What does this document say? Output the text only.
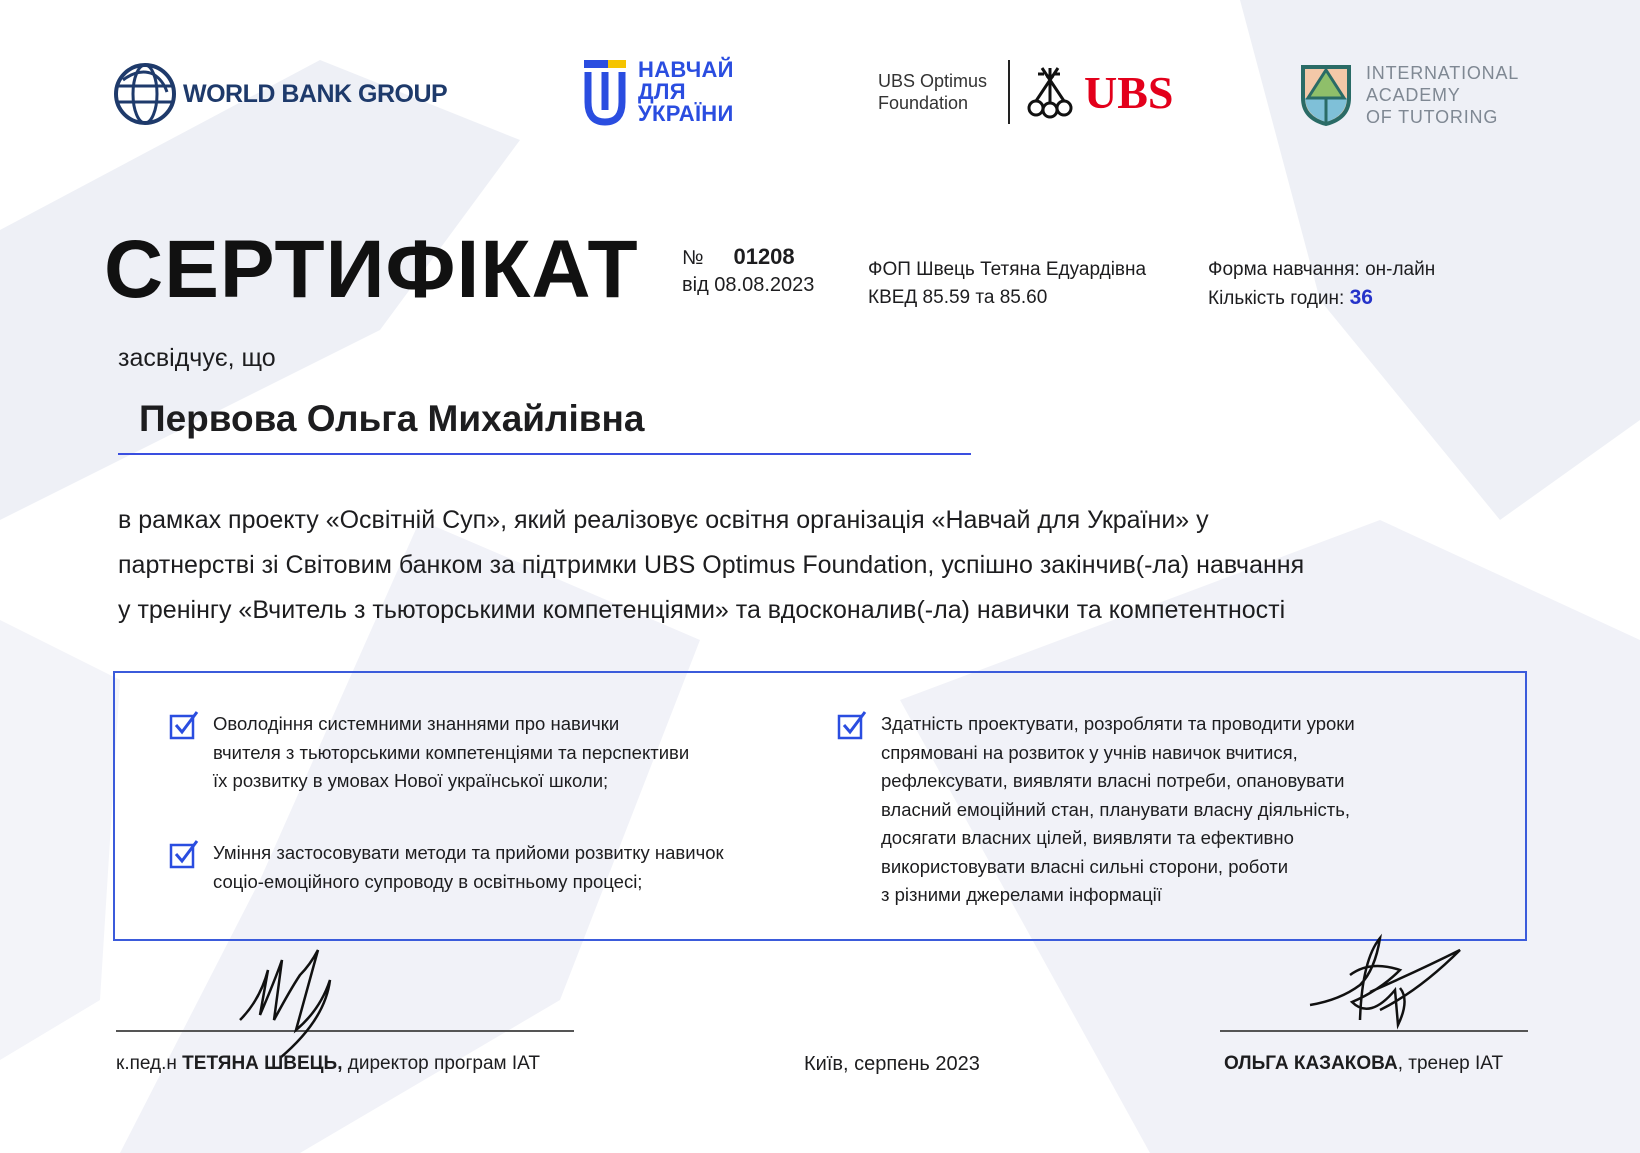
WORLD BANK GROUP
НАВЧАЙ
ДЛЯ
УКРАЇНИ
UBS Optimus
Foundation	UBS	INTERNATIONAL
ACADEMY
OF TUTORING
СЕРТИФІКАТ № 01208
від 08.08.2023
ФОП Швець Тетяна Едуардівна
КВЕД 85.59 та 85.60
Форма навчання: он-лайн
Кількість годин: 36
засвідчує, що
Первова Ольга Михайлівна
в рамках проекту «Освітній Суп», який реалізовує освітня організація «Навчай для України» у
партнерстві зі Світовим банком за підтримки UBS Optimus Foundation, успішно закінчив(-ла) навчання
у тренінгу «Вчитель з тьюторськими компетенціями» та вдосконалив(-ла) навички та компетентності
Оволодіння системними знаннями про навички
вчителя з тьюторськими компетенціями та перспективи
їх розвитку в умовах Нової української школи;
Уміння застосовувати методи та прийоми розвитку навичок
соціо-емоційного супроводу в освітньому процесі;
Здатність проектувати, розробляти та проводити уроки
спрямовані на розвиток у учнів навичок вчитися,
рефлексувати, виявляти власні потреби, опановувати
власний емоційний стан, планувати власну діяльність,
досягати власних цілей, виявляти та ефективно
використовувати власні сильні сторони, роботи
з різними джерелами інформації
к.пед.н ТЕТЯНА ШВЕЦЬ, директор програм IAT	Київ, серпень 2023	ОЛЬГА КАЗАКОВА, тренер IAT
